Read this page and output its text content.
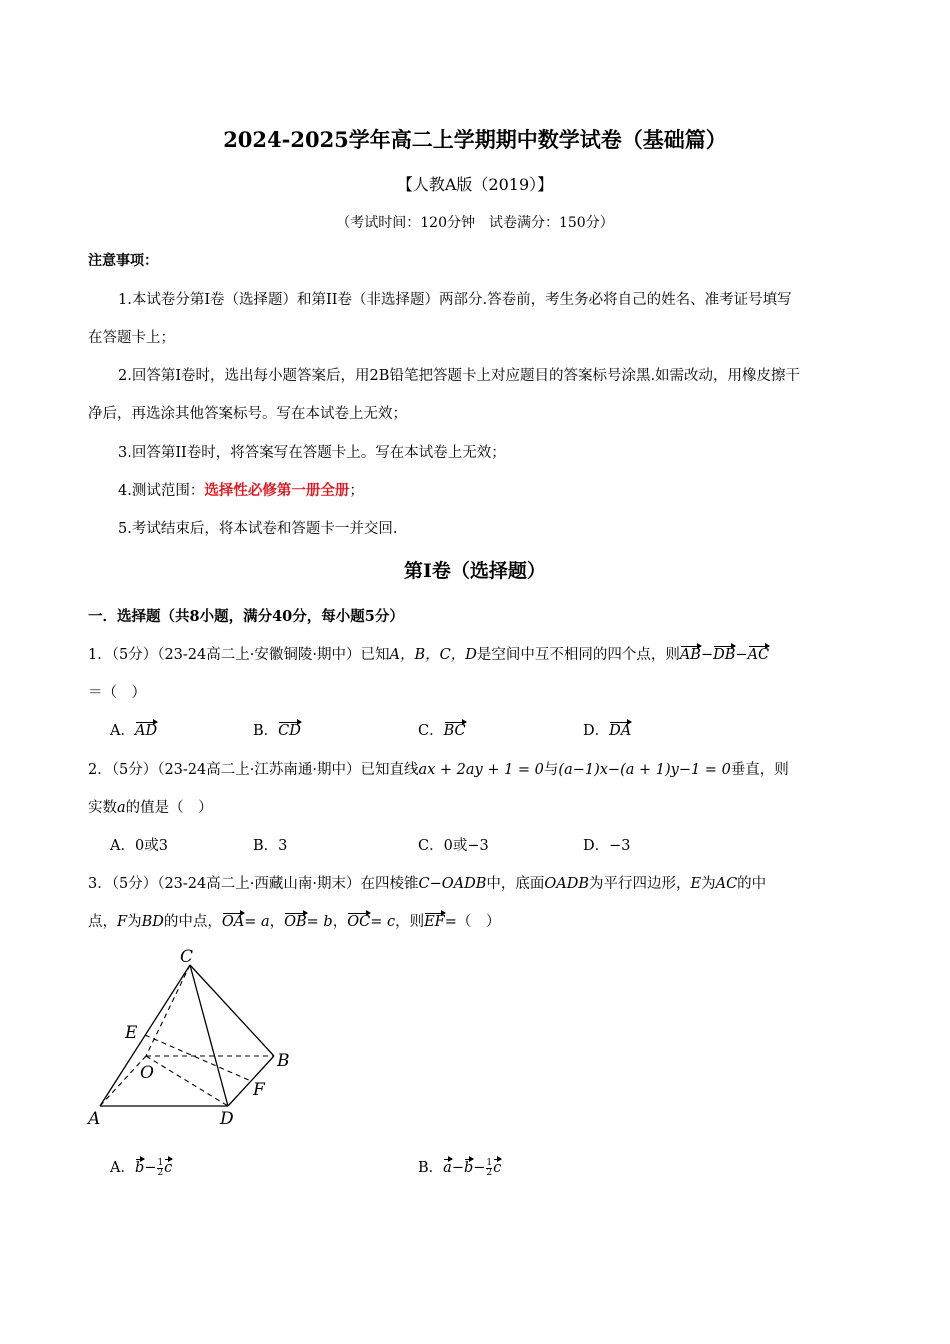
2024-2025学年高二上学期期中数学试卷（基础篇）
【人教A版（2019）】
（考试时间：120分钟　试卷满分：150分）
注意事项：
1.本试卷分第I卷（选择题）和第II卷（非选择题）两部分.答卷前，考生务必将自己的姓名、准考证号填写
在答题卡上；
2.回答第I卷时，选出每小题答案后，用2B铅笔把答题卡上对应题目的答案标号涂黑.如需改动，用橡皮擦干
净后，再选涂其他答案标号。写在本试卷上无效；
3.回答第II卷时，将答案写在答题卡上。写在本试卷上无效；
4.测试范围：选择性必修第一册全册；
5.考试结束后，将本试卷和答题卡一并交回.
第I卷（选择题）
一．选择题（共8小题，满分40分，每小题5分）
1．（5分）（23-24高二上·安徽铜陵·期中）已知A，B，C，D是空间中互不相同的四个点，则AB−DB−AC
＝（　）
A．AD	B．CD	C．BC	D．DA
2．（5分）（23-24高二上·江苏南通·期中）已知直线ax + 2ay + 1 = 0与(a−1)x−(a + 1)y−1 = 0垂直，则
实数a的值是（　）
A．0或3	B．3	C．0或−3	D．−3
3．（5分）（23-24高二上·西藏山南·期末）在四棱锥C−OADB中，底面OADB为平行四边形，E为AC的中
点，F为BD的中点，OA= a，OB= b，OC= c，则EF=（　）
C
E
O
B
F
A	D
A．$b- \frac{1}{2}$ c	B．$a-b- \frac{1}{2}$ c
